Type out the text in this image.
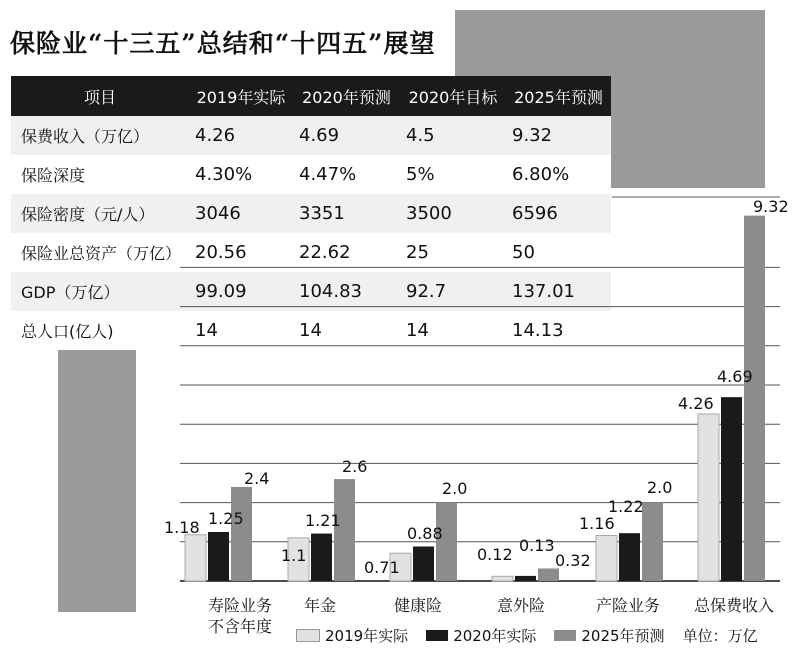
保险业“十三五”总结和“十四五”展望
项目	2019年实际	2020年预测	2020年目标	2025年预测
保费收入（万亿）	4.26	4.69	4.5	9.32
保险深度	4.30%	4.47%	5%	6.80%
保险密度（元/人）	3046	3351	3500	6596
保险业总资产（万亿）	20.56	22.62	25	50
GDP（万亿）	99.09	104.83	92.7	137.01
总人口(亿人)	14	14	14	14.13
1.18
1.1
0.71
0.12
1.16
4.26
1.25	1.21
0.88
0.13
1.22
4.69
2.4
2.6
2.0
0.32
2.0
9.32
寿险业务不含年度
年金	健康险	意外险	产险业务 总保费收入
2019年实际	2020年实际	2025年预测 单位：万亿
